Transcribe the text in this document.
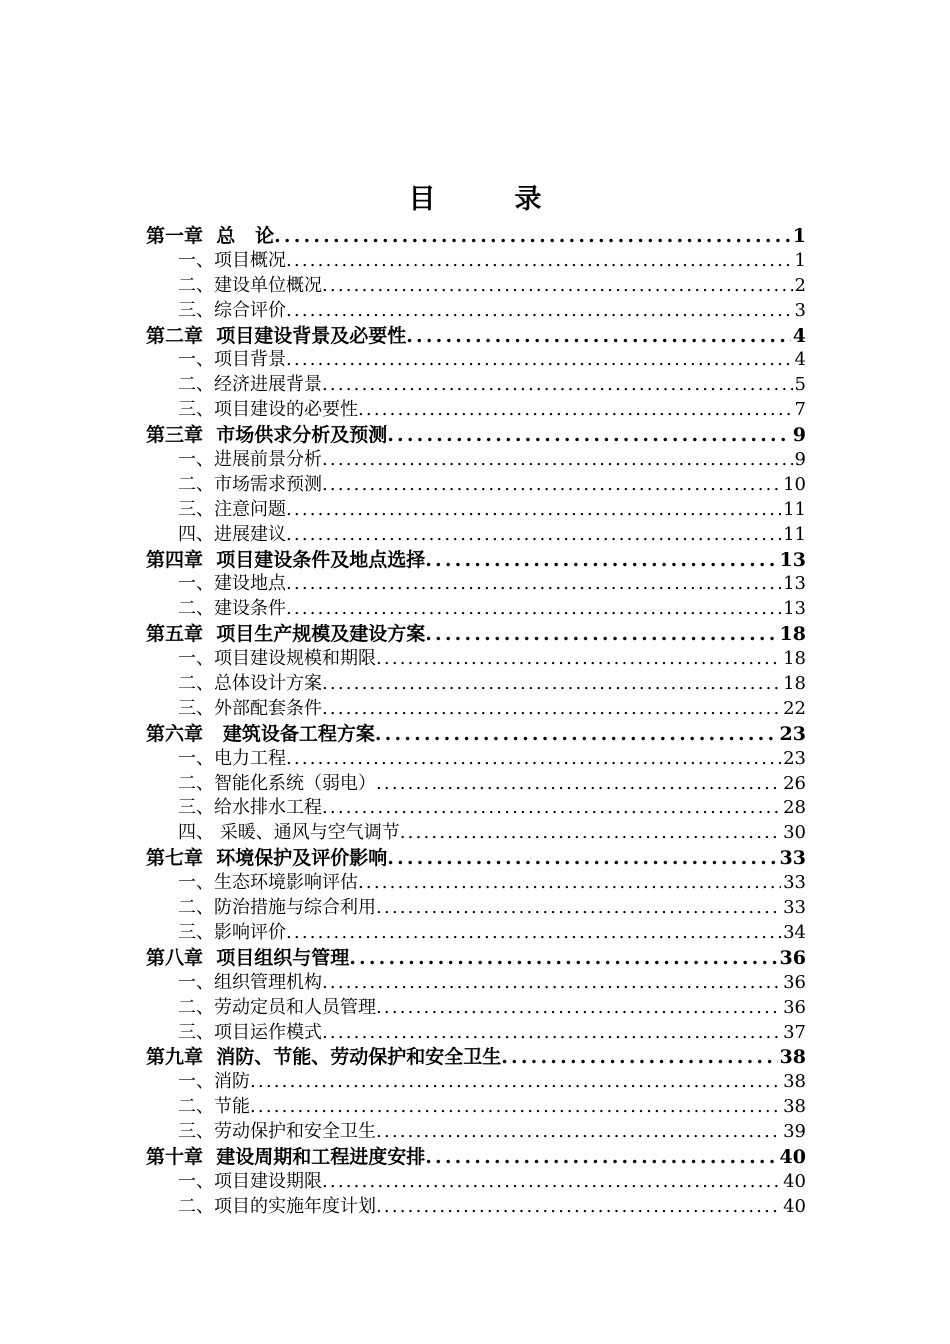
目　录
第一章  总   论 .....	1
一、项目概况 .....	1
二、建设单位概况 .....	2
三、综合评价 .....	3
第二章  项目建设背景及必要性 .....	4
一、项目背景 .....	4
二、经济进展背景 .....	5
三、项目建设的必要性 .....	7
第三章  市场供求分析及预测 .....	9
一、进展前景分析 .....	9
二、市场需求预测 .....	10
三、注意问题 .....	11
四、进展建议 .....	11
第四章  项目建设条件及地点选择 .....	13
一、建设地点 .....	13
二、建设条件 .....	13
第五章  项目生产规模及建设方案 .....	18
一、项目建设规模和期限 .....	18
二、总体设计方案 .....	18
三、外部配套条件 .....	22
第六章   建筑设备工程方案 .....	23
一、电力工程 .....	23
二、智能化系统（弱电） .....	26
三、给水排水工程 .....	28
四、 采暖、通风与空气调节 .....	30
第七章  环境保护及评价影响 .....	33
一、生态环境影响评估 .....	33
二、防治措施与综合利用 .....	33
三、影响评价 .....	34
第八章  项目组织与管理 .....	36
一、组织管理机构 .....	36
二、劳动定员和人员管理 .....	36
三、项目运作模式 .....	37
第九章  消防、节能、劳动保护和安全卫生 .....	38
一、消防 .....	38
二、节能 .....	38
三、劳动保护和安全卫生 .....	39
第十章  建设周期和工程进度安排 .....	40
一、项目建设期限 .....	40
二、项目的实施年度计划 .....	40
